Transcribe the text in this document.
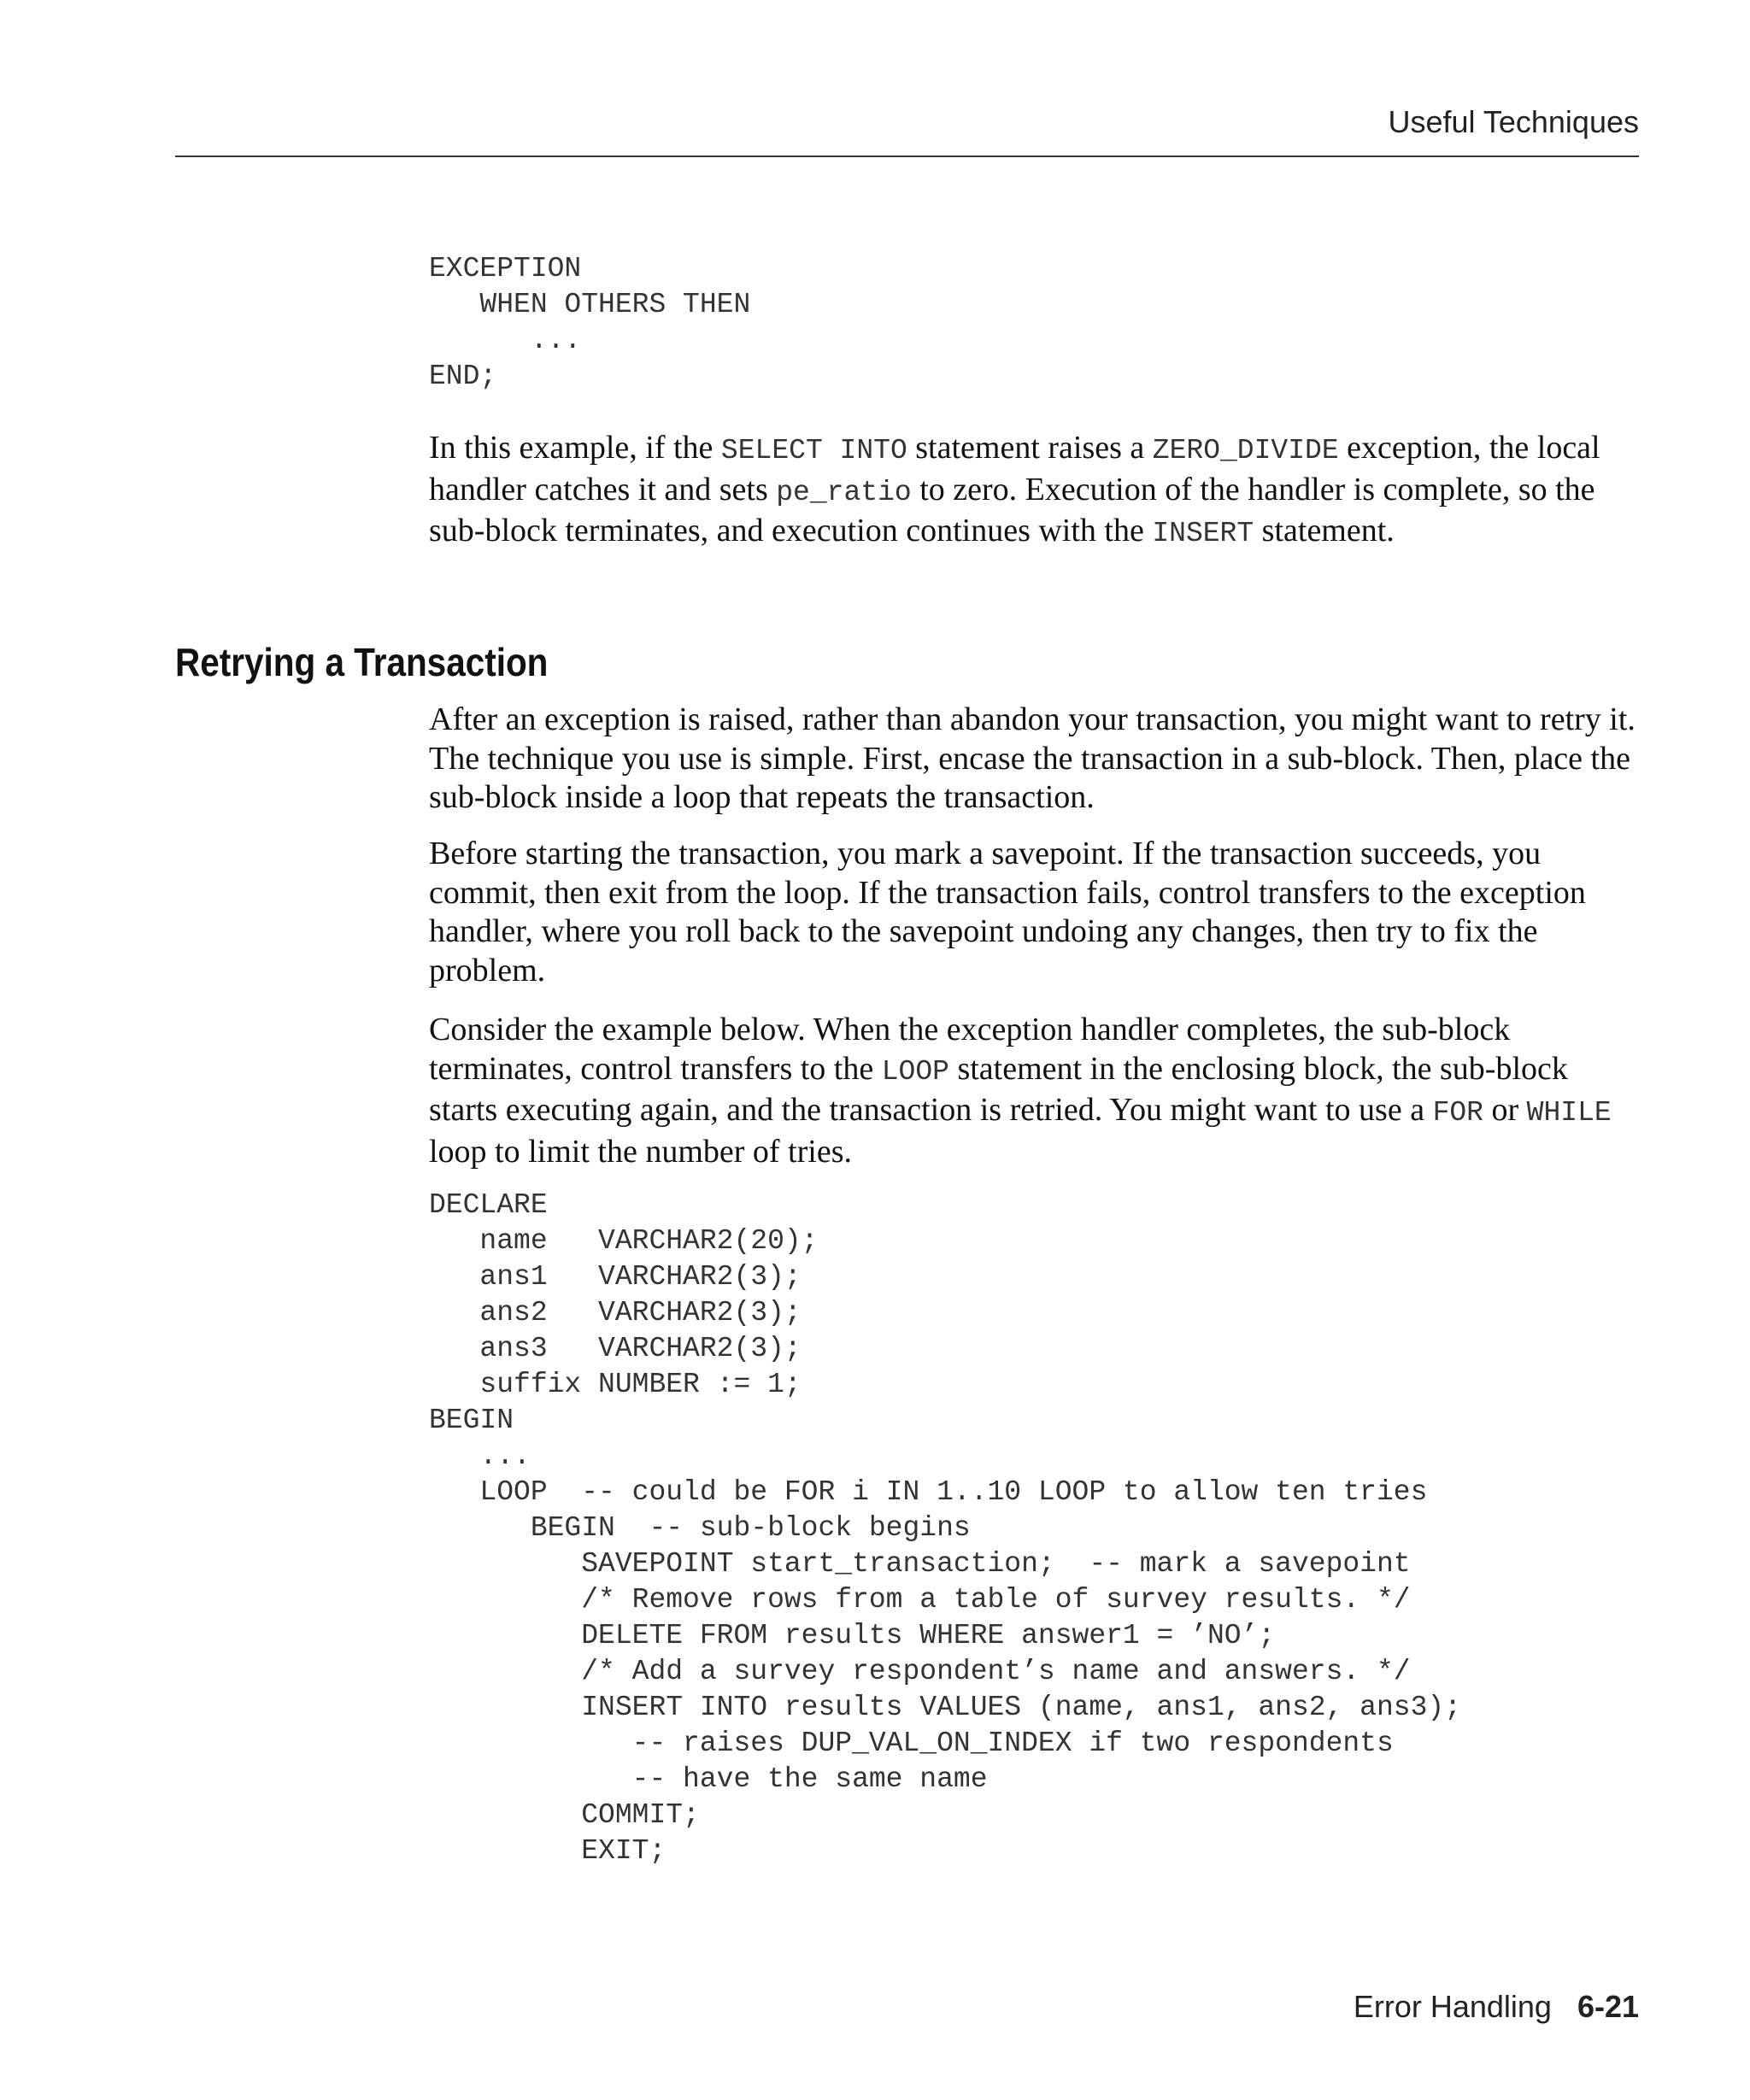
Useful Techniques
EXCEPTION
WHEN OTHERS THEN
...
END;

In this example, if the SELECT INTO statement raises a ZERO_DIVIDE exception, the local handler catches it and sets pe_ratio to zero. Execution of the handler is complete, so the sub-block terminates, and execution continues with the INSERT statement.

Retrying a Transaction

After an exception is raised, rather than abandon your transaction, you might want to retry it. The technique you use is simple. First, encase the transaction in a sub-block. Then, place the sub-block inside a loop that repeats the transaction.

Before starting the transaction, you mark a savepoint. If the transaction succeeds, you commit, then exit from the loop. If the transaction fails, control transfers to the exception handler, where you roll back to the savepoint undoing any changes, then try to fix the problem.

Consider the example below. When the exception handler completes, the sub-block terminates, control transfers to the LOOP statement in the enclosing block, the sub-block starts executing again, and the transaction is retried. You might want to use a FOR or WHILE loop to limit the number of tries.

DECLARE
name   VARCHAR2(20);
ans1   VARCHAR2(3);
ans2   VARCHAR2(3);
ans3   VARCHAR2(3);
suffix NUMBER := 1;
BEGIN
...
LOOP  -- could be FOR i IN 1..10 LOOP to allow ten tries
BEGIN  -- sub-block begins
SAVEPOINT start_transaction;  -- mark a savepoint
/* Remove rows from a table of survey results. */
DELETE FROM results WHERE answer1 = ’NO’;
/* Add a survey respondent’s name and answers. */
INSERT INTO results VALUES (name, ans1, ans2, ans3);
-- raises DUP_VAL_ON_INDEX if two respondents
-- have the same name
COMMIT;
EXIT;
Error Handling 6-21
